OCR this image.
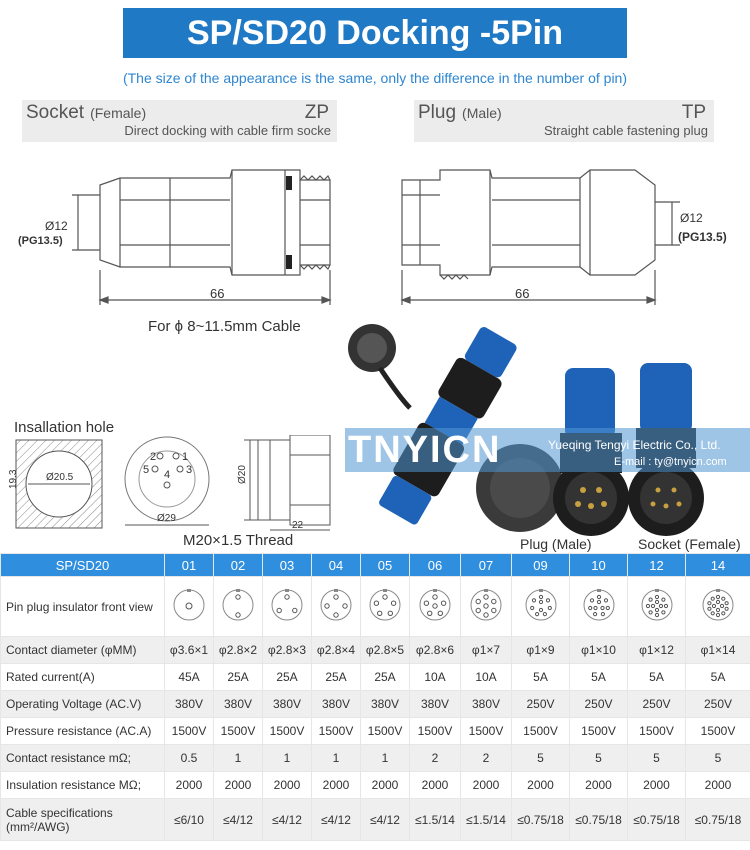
SP/SD20 Docking -5Pin
(The size of the appearance is the same, only the difference in the number of pin)
Socket (Female)	ZP
Direct docking with cable firm socke
Plug (Male)	TP
Straight cable fastening plug
Ø12
(PG13.5)
66
Ø12
(PG13.5)
66
For ϕ 8~11.5mm Cable
Insallation hole
Ø20.5
19.3
2 1
5	3
4
Ø29
Ø20
22
M20×1.5 Thread
TNYICN	Yueqing Tengyi Electric Co., Ltd.
E-mail : ty@tnyicn.com
Plug (Male)	Socket (Female)
SP/SD20	01	02	03	04	05	06	07	09	10	12	14
Pin plug insulator front view											
Contact diameter (φMM)	φ3.6×1	φ2.8×2	φ2.8×3	φ2.8×4	φ2.8×5	φ2.8×6	φ1×7	φ1×9	φ1×10	φ1×12	φ1×14
Rated current(A)	45A	25A	25A	25A	25A	10A	10A	5A	5A	5A	5A
Operating Voltage (AC.V)	380V	380V	380V	380V	380V	380V	380V	250V	250V	250V	250V
Pressure resistance (AC.A)	1500V	1500V	1500V	1500V	1500V	1500V	1500V	1500V	1500V	1500V	1500V
Contact resistance mΩ;	0.5	1	1	1	1	2	2	5	5	5	5
Insulation resistance MΩ;	2000	2000	2000	2000	2000	2000	2000	2000	2000	2000	2000
Cable specifications (mm²/AWG)	≤6/10	≤4/12	≤4/12	≤4/12	≤4/12	≤1.5/14	≤1.5/14	≤0.75/18	≤0.75/18	≤0.75/18	≤0.75/18
